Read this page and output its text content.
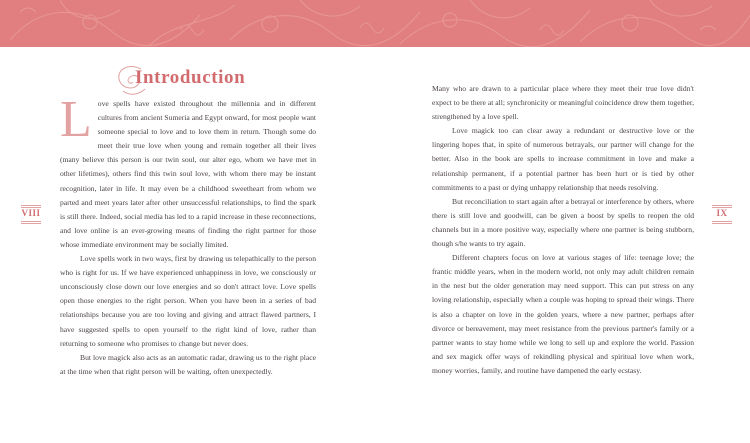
Introduction
VIII

Love spells have existed throughout the millennia and in different cultures from ancient Sumeria and Egypt onward, for most people want someone special to love and to love them in return. Though some do meet their true love when young and remain together all their lives (many believe this person is our twin soul, our alter ego, whom we have met in other lifetimes), others find this twin soul love, with whom there may be instant recognition, later in life. It may even be a childhood sweetheart from whom we parted and meet years later after other unsuccessful relationships, to find the spark is still there. Indeed, social media has led to a rapid increase in these reconnections, and love online is an ever-growing means of finding the right partner for those whose immediate environment may be socially limited.

Love spells work in two ways, first by drawing us telepathically to the person who is right for us. If we have experienced unhappiness in love, we consciously or unconsciously close down our love energies and so don't attract love. Love spells open those energies to the right person. When you have been in a series of bad relationships because you are too loving and giving and attract flawed partners, I have suggested spells to open yourself to the right kind of love, rather than returning to someone who promises to change but never does.

But love magick also acts as an automatic radar, drawing us to the right place at the time when that right person will be waiting, often unexpectedly.

Many who are drawn to a particular place where they meet their true love didn't expect to be there at all; synchronicity or meaningful coincidence drew them together, strengthened by a love spell.

Love magick too can clear away a redundant or destructive love or the lingering hopes that, in spite of numerous betrayals, our partner will change for the better. Also in the book are spells to increase commitment in love and make a relationship permanent, if a potential partner has been hurt or is tied by other commitments to a past or dying unhappy relationship that needs resolving.

But reconciliation to start again after a betrayal or interference by others, where there is still love and goodwill, can be given a boost by spells to reopen the old channels but in a more positive way, especially where one partner is being stubborn, though s/he wants to try again.

Different chapters focus on love at various stages of life: teenage love; the frantic middle years, when in the modern world, not only may adult children remain in the nest but the older generation may need support. This can put stress on any loving relationship, especially when a couple was hoping to spread their wings. There is also a chapter on love in the golden years, where a new partner, perhaps after divorce or bereavement, may meet resistance from the previous partner's family or a partner wants to stay home while we long to sell up and explore the world. Passion and sex magick offer ways of rekindling physical and spiritual love when work, money worries, family, and routine have dampened the early ecstasy.

IX
